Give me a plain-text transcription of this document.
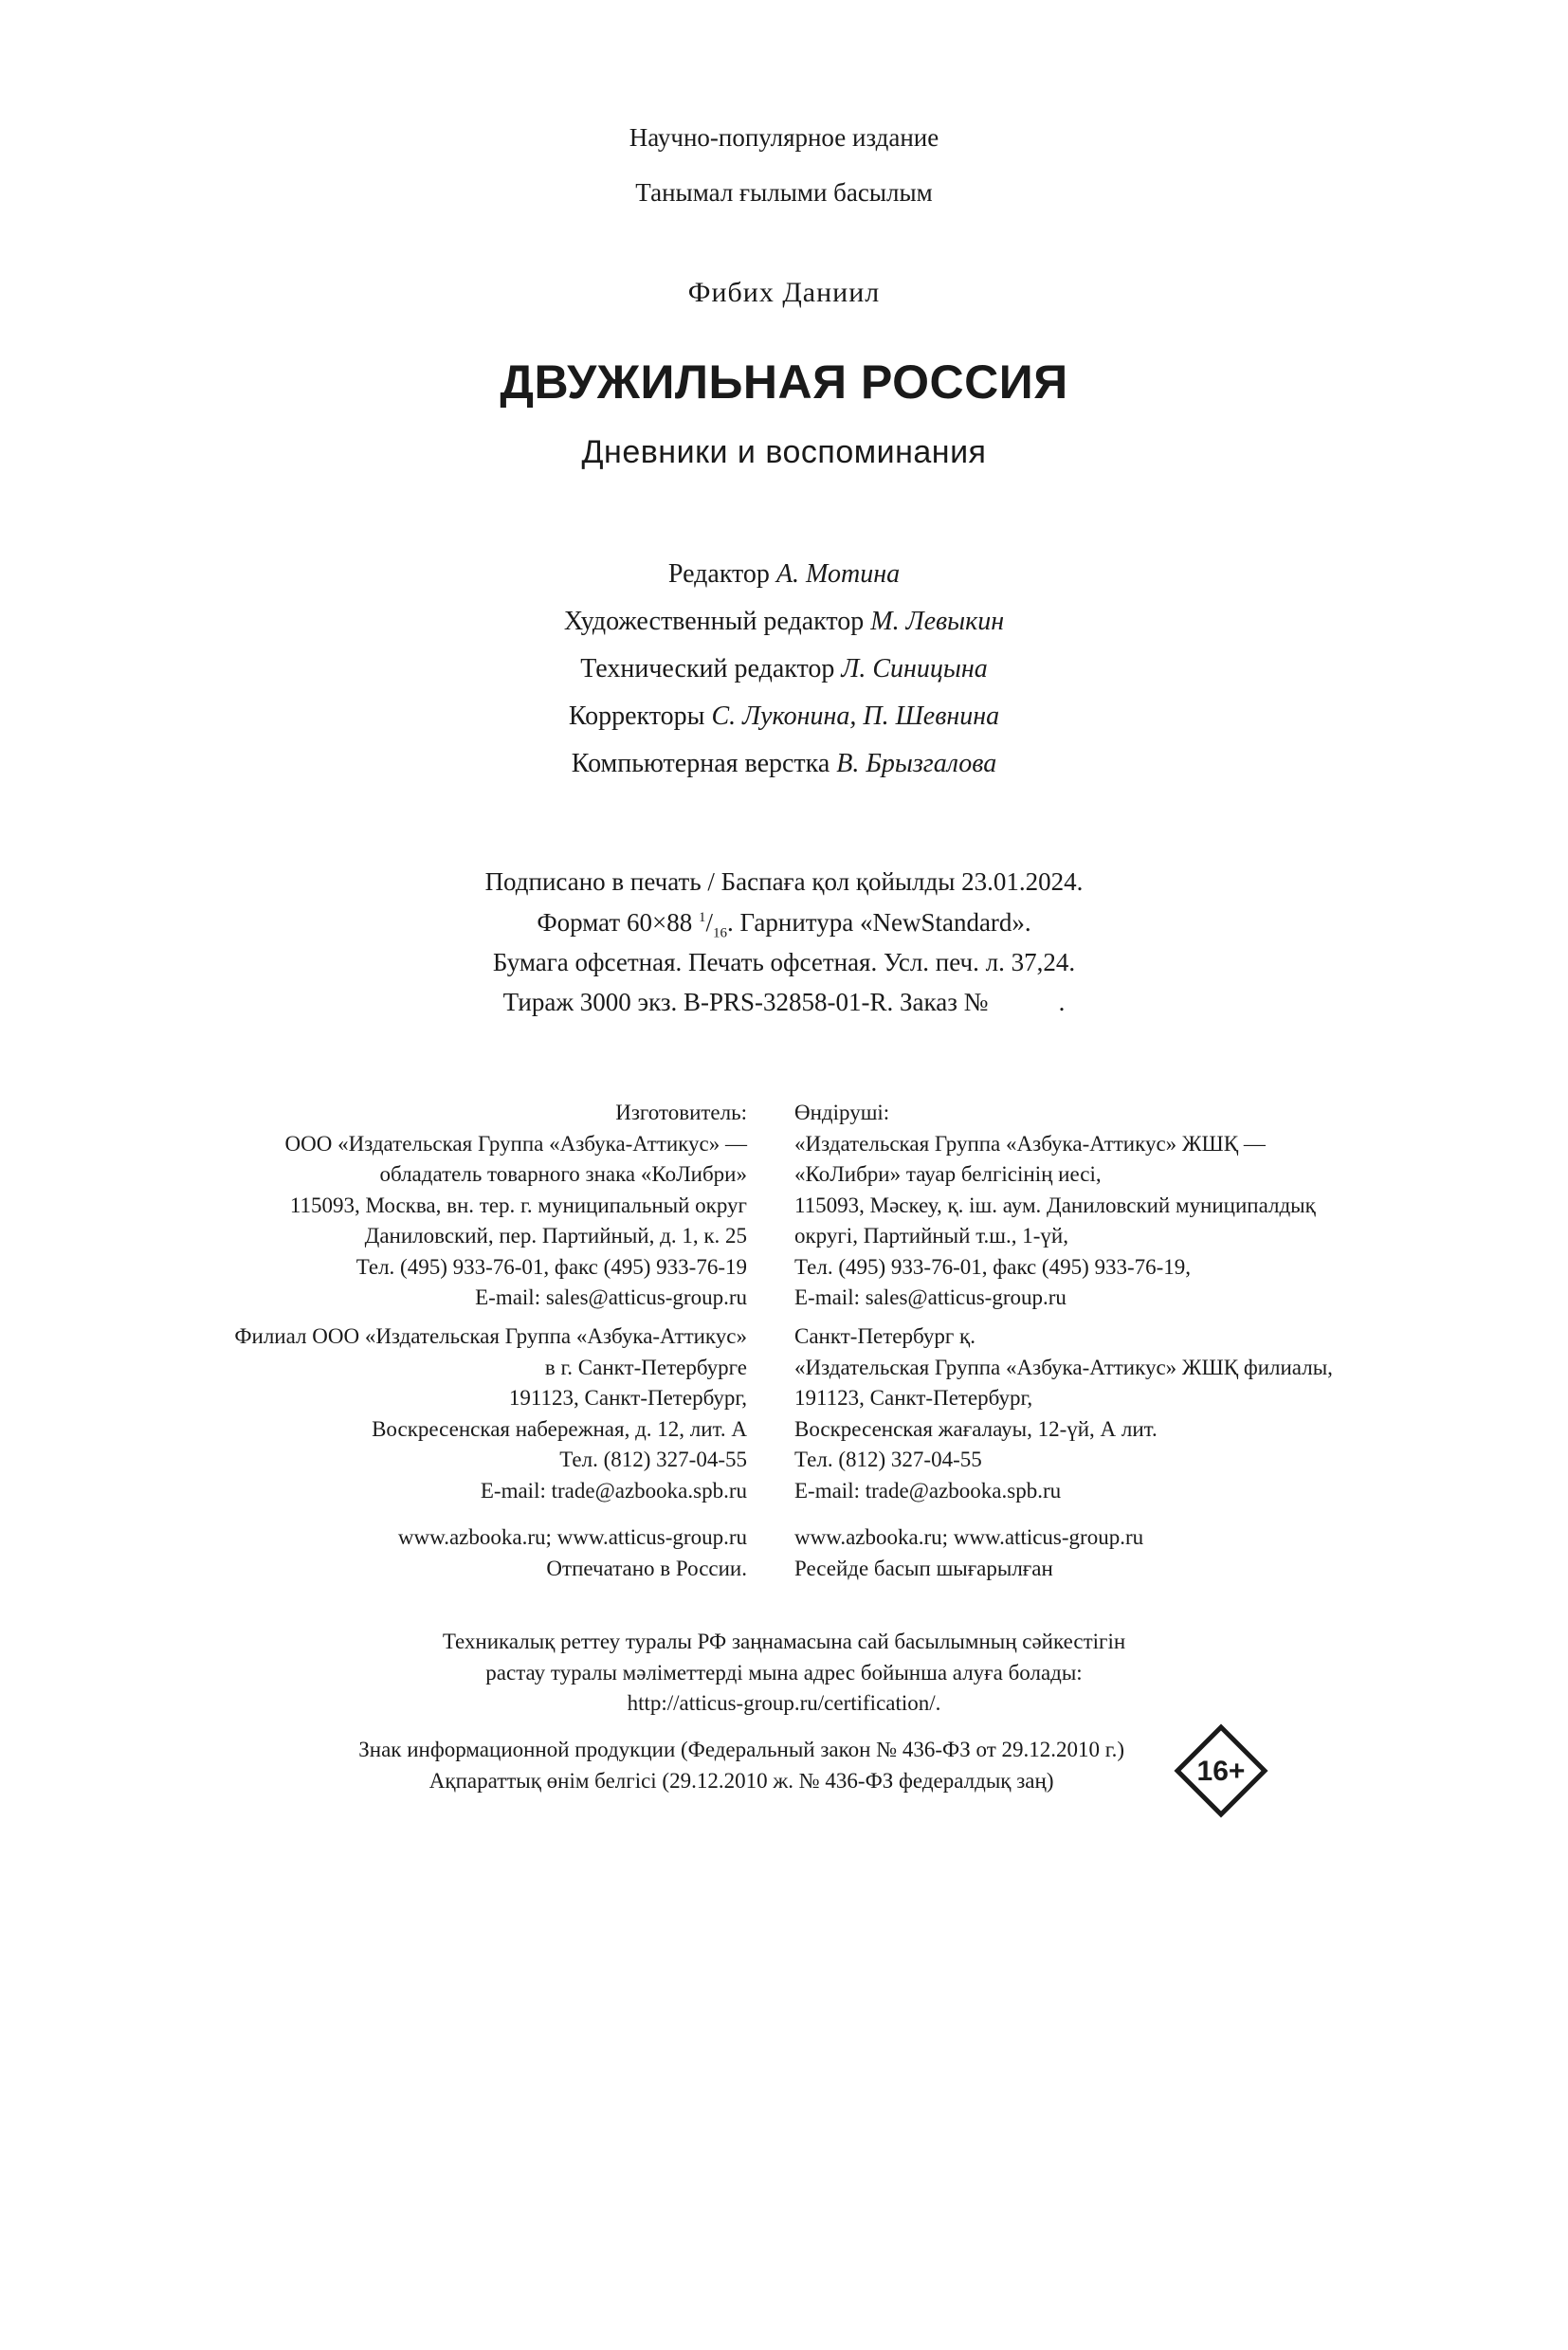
Научно-популярное издание
Танымал ғылыми басылым
Фибих Даниил
ДВУЖИЛЬНАЯ РОССИЯ
Дневники и воспоминания
Редактор А. Мотина
Художественный редактор М. Левыкин
Технический редактор Л. Синицына
Корректоры С. Луконина, П. Шевнина
Компьютерная верстка В. Брызгалова
Подписано в печать / Баспаға қол қойылды 23.01.2024.
Формат 60×88 $^1/_{16}$. Гарнитура «NewStandard».
Бумага офсетная. Печать офсетная. Усл. печ. л. 37,24.
Тираж 3000 экз. B-PRS-32858-01-R. Заказ №           .
Изготовитель:
ООО «Издательская Группа «Азбука-Аттикус» —
обладатель товарного знака «КоЛибри»
115093, Москва, вн. тер. г. муниципальный округ
Даниловский, пер. Партийный, д. 1, к. 25
Тел. (495) 933-76-01, факс (495) 933-76-19
E-mail: sales@atticus-group.ru
Өндіруші:
«Издательская Группа «Азбука-Аттикус» ЖШҚ —
«КоЛибри» тауар белгісінің иесі,
115093, Мәскеу, қ. іш. аум. Даниловский муниципалдық
округі, Партийный т.ш., 1-үй,
Тел. (495) 933-76-01, факс (495) 933-76-19,
E-mail: sales@atticus-group.ru
Филиал ООО «Издательская Группа «Азбука-Аттикус»
в г. Санкт-Петербурге
191123, Санкт-Петербург,
Воскресенская набережная, д. 12, лит. А
Тел. (812) 327-04-55
E-mail: trade@azbooka.spb.ru
Санкт-Петербург қ.
«Издательская Группа «Азбука-Аттикус» ЖШҚ филиалы,
191123, Санкт-Петербург,
Воскресенская жағалауы, 12-үй, А лит.
Тел. (812) 327-04-55
E-mail: trade@azbooka.spb.ru
www.azbooka.ru; www.atticus-group.ru
Отпечатано в России.
www.azbooka.ru; www.atticus-group.ru
Ресейде басып шығарылған
Техникалық реттеу туралы РФ заңнамасына сай басылымның сәйкестігін
растау туралы мәліметтерді мына адрес бойынша алуға болады:
http://atticus-group.ru/certification/.
Знак информационной продукции (Федеральный закон № 436-ФЗ от 29.12.2010 г.)
Ақпараттық өнім белгісі (29.12.2010 ж. № 436-ФЗ федералдық заң)	16+
